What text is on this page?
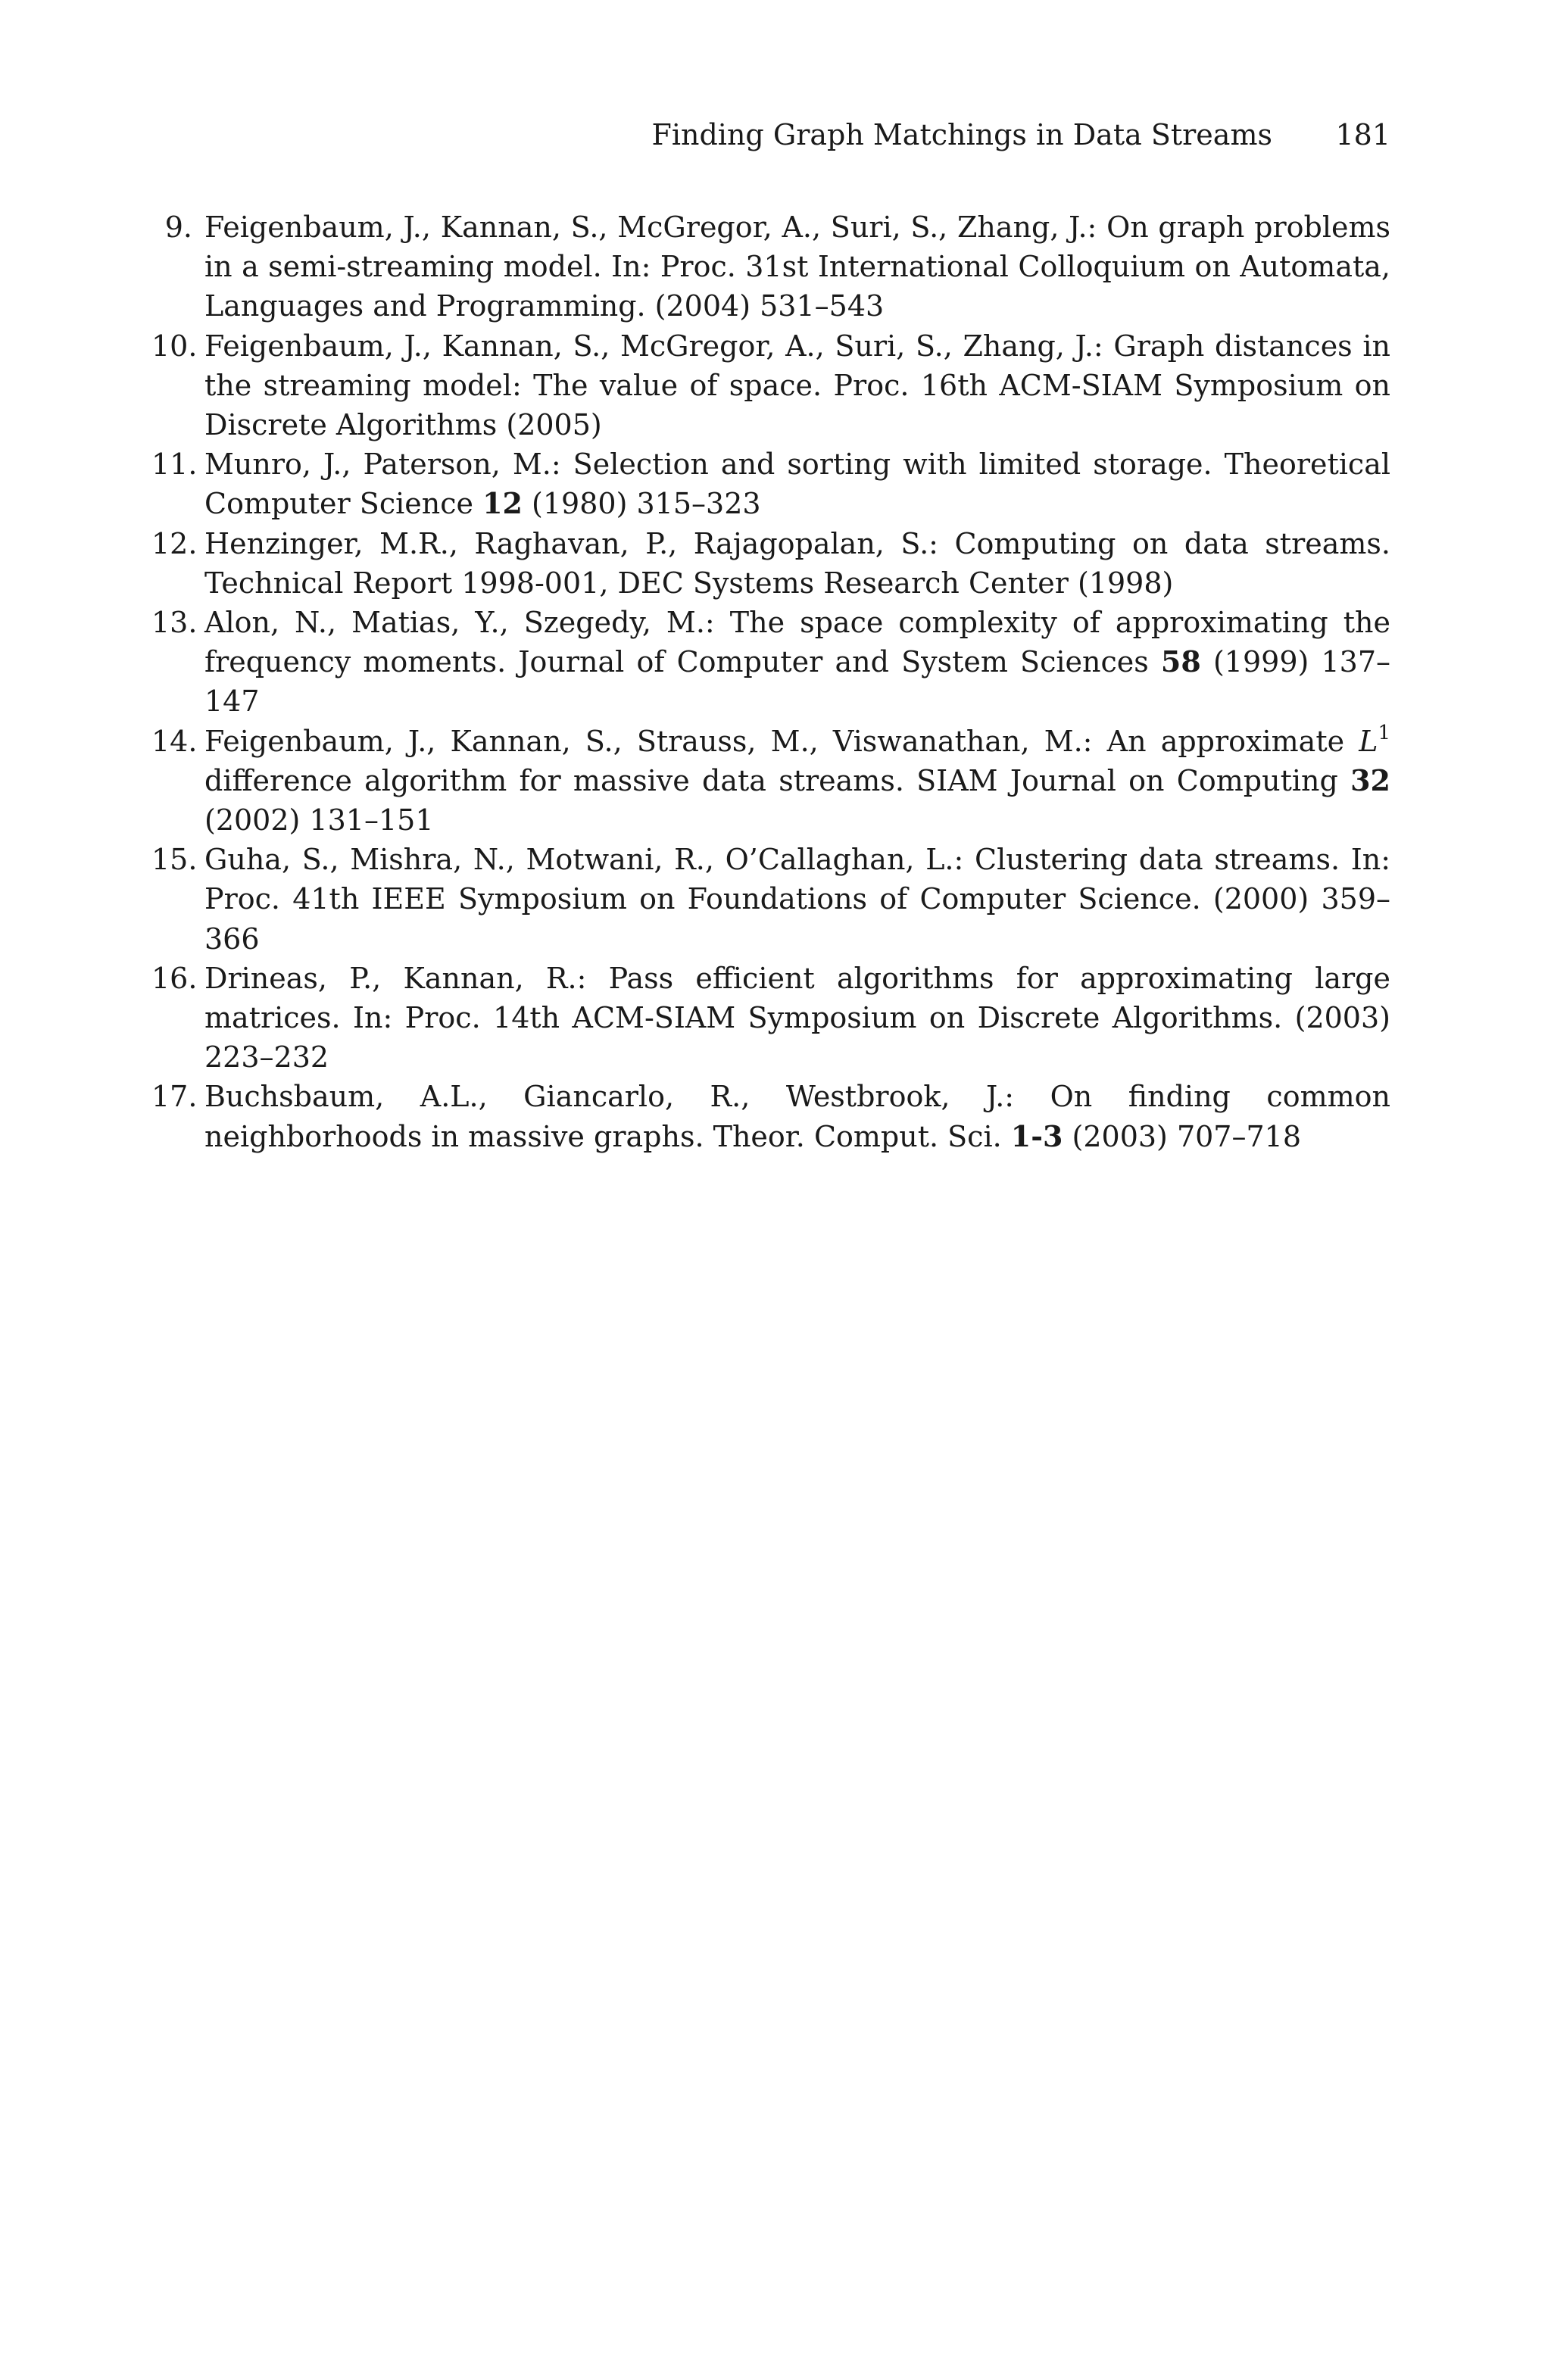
Finding Graph Matchings in Data Streams 181
9. Feigenbaum, J., Kannan, S., McGregor, A., Suri, S., Zhang, J.: On graph problems in a semi-streaming model. In: Proc. 31st International Colloquium on Automata, Languages and Programming. (2004) 531–543
10. Feigenbaum, J., Kannan, S., McGregor, A., Suri, S., Zhang, J.: Graph distances in the streaming model: The value of space. Proc. 16th ACM-SIAM Symposium on Discrete Algorithms (2005)
11. Munro, J., Paterson, M.: Selection and sorting with limited storage. Theoretical Computer Science 12 (1980) 315–323
12. Henzinger, M.R., Raghavan, P., Rajagopalan, S.: Computing on data streams. Technical Report 1998-001, DEC Systems Research Center (1998)
13. Alon, N., Matias, Y., Szegedy, M.: The space complexity of approximating the frequency moments. Journal of Computer and System Sciences 58 (1999) 137–147
14. Feigenbaum, J., Kannan, S., Strauss, M., Viswanathan, M.: An approximate $L^1$ difference algorithm for massive data streams. SIAM Journal on Computing 32 (2002) 131–151
15. Guha, S., Mishra, N., Motwani, R., O’Callaghan, L.: Clustering data streams. In: Proc. 41th IEEE Symposium on Foundations of Computer Science. (2000) 359–366
16. Drineas, P., Kannan, R.: Pass efficient algorithms for approximating large matrices. In: Proc. 14th ACM-SIAM Symposium on Discrete Algorithms. (2003) 223–232
17. Buchsbaum, A.L., Giancarlo, R., Westbrook, J.: On finding common neighborhoods in massive graphs. Theor. Comput. Sci. 1-3 (2003) 707–718
